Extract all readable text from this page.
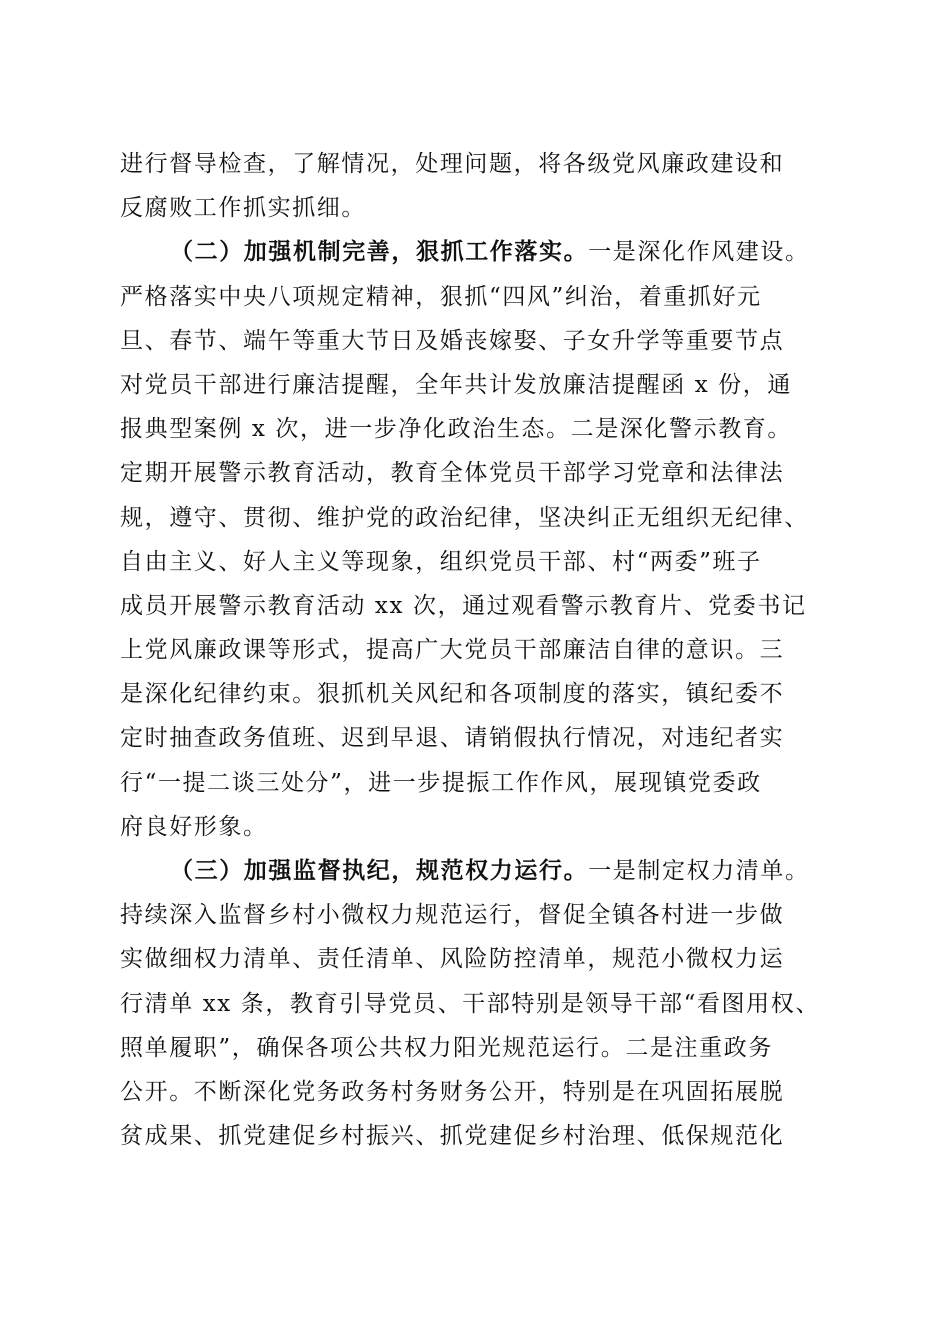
进行督导检查，了解情况，处理问题，将各级党风廉政建设和
反腐败工作抓实抓细。
（二）加强机制完善，狠抓工作落实。一是深化作风建设。
严格落实中央八项规定精神，狠抓“四风”纠治，着重抓好元
旦、春节、端午等重大节日及婚丧嫁娶、子女升学等重要节点
对党员干部进行廉洁提醒，全年共计发放廉洁提醒函 x 份，通
报典型案例 x 次，进一步净化政治生态。二是深化警示教育。
定期开展警示教育活动，教育全体党员干部学习党章和法律法
规，遵守、贯彻、维护党的政治纪律，坚决纠正无组织无纪律、
自由主义、好人主义等现象，组织党员干部、村“两委”班子
成员开展警示教育活动 xx 次，通过观看警示教育片、党委书记
上党风廉政课等形式，提高广大党员干部廉洁自律的意识。三
是深化纪律约束。狠抓机关风纪和各项制度的落实，镇纪委不
定时抽查政务值班、迟到早退、请销假执行情况，对违纪者实
行“一提二谈三处分”，进一步提振工作作风，展现镇党委政
府良好形象。
（三）加强监督执纪，规范权力运行。一是制定权力清单。
持续深入监督乡村小微权力规范运行，督促全镇各村进一步做
实做细权力清单、责任清单、风险防控清单，规范小微权力运
行清单 xx 条，教育引导党员、干部特别是领导干部“看图用权、
照单履职”，确保各项公共权力阳光规范运行。二是注重政务
公开。不断深化党务政务村务财务公开，特别是在巩固拓展脱
贫成果、抓党建促乡村振兴、抓党建促乡村治理、低保规范化
